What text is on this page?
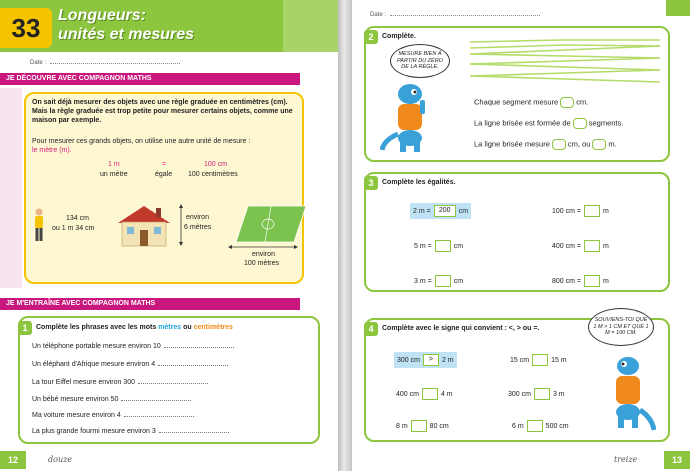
33	Longueurs:
unités et mesures
Date :
JE DÉCOUVRE AVEC COMPAGNON MATHS
On sait déjà mesurer des objets avec une règle graduée en centimètres (cm).
Mais la règle graduée est trop petite pour mesurer certains objets, comme une
maison par exemple.
Pour mesurer ces grands objets, on utilise une autre unité de mesure :
le mètre (m).
1 m
un mètre
=
égale
100 cm
100 centimètres
134 cm
ou 1 m 34 cm
environ
6 mètres
environ
100 mètres
JE M'ENTRAÎNE AVEC COMPAGNON MATHS
1	Complète les phrases avec les mots mètres ou centimètres
Un téléphone portable mesure environ 10
Un éléphant d'Afrique mesure environ 4
La tour Eiffel mesure environ 300
Un bébé mesure environ 50
Ma voiture mesure environ 4
La plus grande fourmi mesure environ 3
12	douze
Date :
2	Complète.
MESURE BIEN À PARTIR DU ZÉRO DE LA RÈGLE.
Chaque segment mesure cm.
La ligne brisée est formée de segments.
La ligne brisée mesure cm, ou m.
3	Complète les égalités.
2 m =	200	cm	100 cm =	m
5 m =	cm	400 cm =	m
3 m =	cm	800 cm =	m
4	Complète avec le signe qui convient : <, > ou =.
SOUVIENS-TOI QUE 1 M > 1 CM ET QUE 1 M = 100 CM.
300 cm	>	2 m	15 cm	15 m
400 cm	4 m	300 cm	3 m
8 m	80 cm	6 m	500 cm
treize	13
